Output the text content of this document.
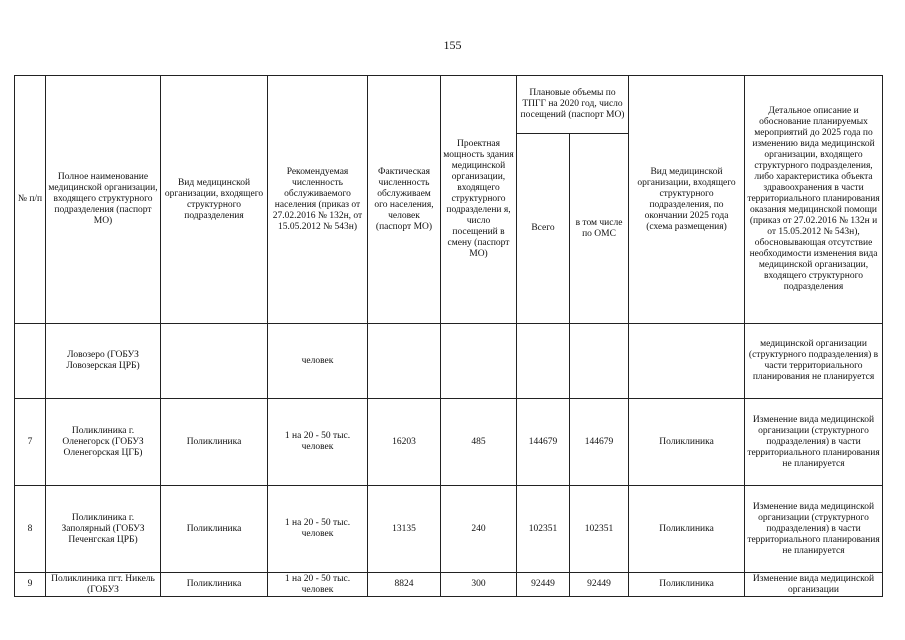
155
№ п/п	Полное наименование медицинской организации, входящего структурного подразделения (паспорт МО)	Вид медицинской организации, входящего структурного подразделения	Рекомендуемая численность обслуживаемого населения (приказ от 27.02.2016 № 132н, от 15.05.2012 № 543н)	Фактическая численность обслуживаем ого населения, человек (паспорт МО)	Проектная мощность здания медицинской организации, входящего структурного подразделени я, число посещений в смену (паспорт МО)	Плановые объемы по ТПГГ на 2020 год, число посещений (паспорт МО)		Вид медицинской организации, входящего структурного подразделения, по окончании 2025 года (схема размещения)	Детальное описание и обоснование планируемых мероприятий до 2025 года по изменению вида медицинской организации, входящего структурного подразделения, либо характеристика объекта здравоохранения в части территориального планирования оказания медицинской помощи (приказ от 27.02.2016 № 132н и от 15.05.2012 № 543н), обосновывающая отсутствие необходимости изменения вида медицинской организации, входящего структурного подразделения
						Всего	в том числе по ОМС		
	Ловозеро (ГОБУЗ Ловозерская ЦРБ)		человек						медицинской организации (структурного подразделения) в части территориального планирования не планируется
7	Поликлиника г. Оленегорск (ГОБУЗ Оленегорская ЦГБ)	Поликлиника	1 на 20 - 50 тыс. человек	16203	485	144679	144679	Поликлиника	Изменение вида медицинской организации (структурного подразделения) в части территориального планирования не планируется
8	Поликлиника г. Заполярный (ГОБУЗ Печенгская ЦРБ)	Поликлиника	1 на 20 - 50 тыс. человек	13135	240	102351	102351	Поликлиника	Изменение вида медицинской организации (структурного подразделения) в части территориального планирования не планируется
9	Поликлиника пгт. Никель (ГОБУЗ	Поликлиника	1 на 20 - 50 тыс. человек	8824	300	92449	92449	Поликлиника	Изменение вида медицинской организации
